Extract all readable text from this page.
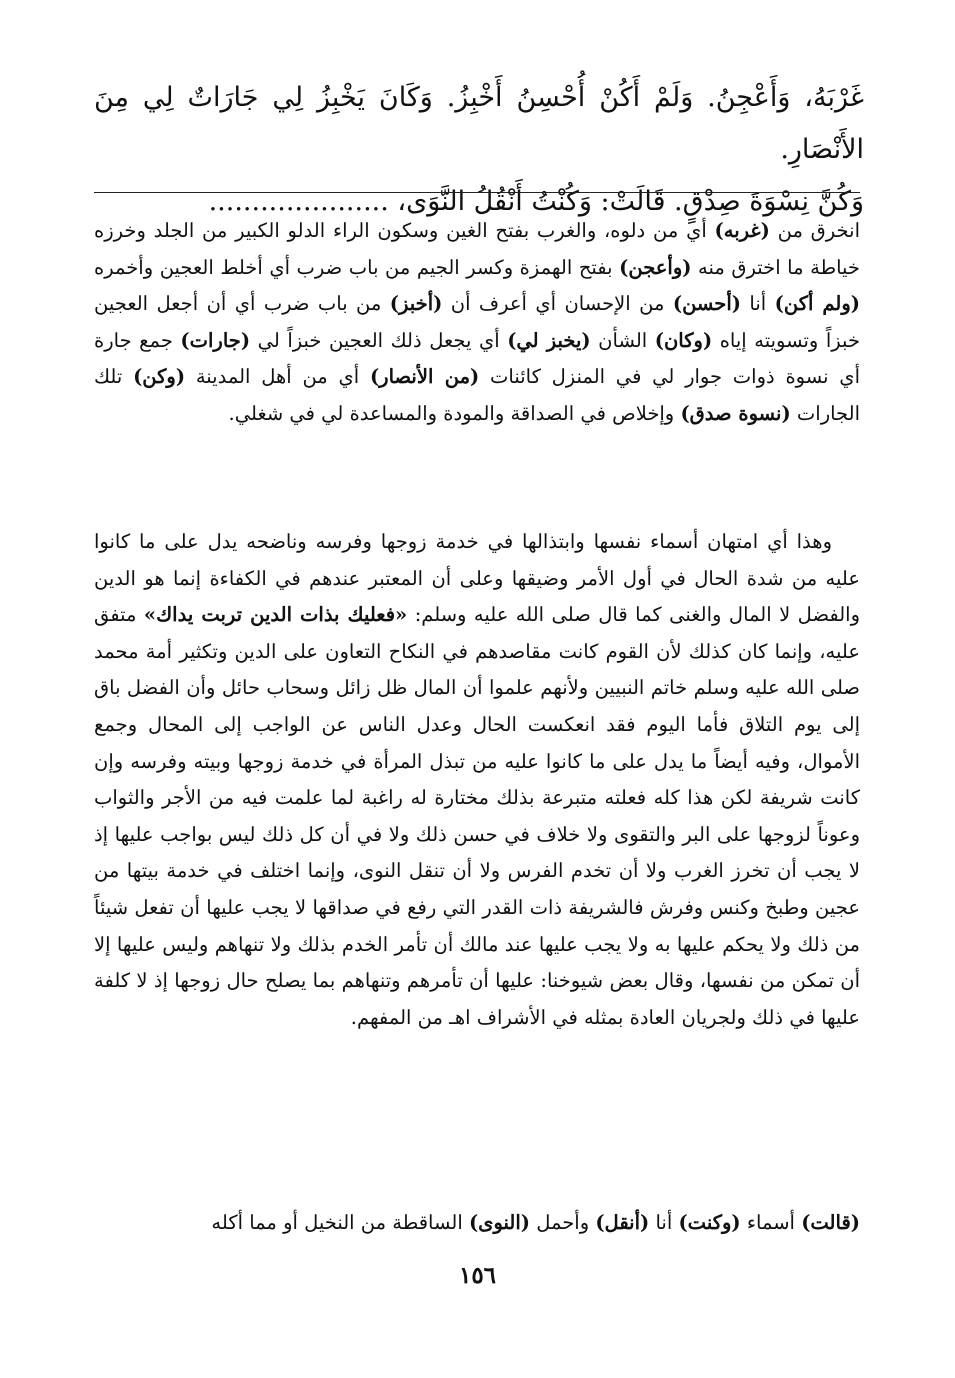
غَرْبَهُ، وَأَعْجِنُ. وَلَمْ أَكُنْ أُحْسِنُ أَخْبِزُ. وَكَانَ يَخْبِزُ لِي جَارَاتٌ لِي مِنَ الأَنْصَارِ.

وَكُنَّ نِسْوَةَ صِدْقٍ. قَالَتْ: وَكُنْتُ أَنْقُلُ النَّوَى، .....................

انخرق من (غربه) أي من دلوه، والغرب بفتح الغين وسكون الراء الدلو الكبير من الجلد وخرزه خياطة ما اخترق منه (وأعجن) بفتح الهمزة وكسر الجيم من باب ضرب أي أخلط العجين وأخمره (ولم أكن) أنا (أحسن) من الإحسان أي أعرف أن (أخبز) من باب ضرب أي أن أجعل العجين خبزاً وتسويته إياه (وكان) الشأن (يخبز لي) أي يجعل ذلك العجين خبزاً لي (جارات) جمع جارة أي نسوة ذوات جوار لي في المنزل كائنات (من الأنصار) أي من أهل المدينة (وكن) تلك الجارات (نسوة صدق) وإخلاص في الصداقة والمودة والمساعدة لي في شغلي.

وهذا أي امتهان أسماء نفسها وابتذالها في خدمة زوجها وفرسه وناضحه يدل على ما كانوا عليه من شدة الحال في أول الأمر وضيقها وعلى أن المعتبر عندهم في الكفاءة إنما هو الدين والفضل لا المال والغنى كما قال صلى الله عليه وسلم: «فعليك بذات الدين تربت يداك» متفق عليه، وإنما كان كذلك لأن القوم كانت مقاصدهم في النكاح التعاون على الدين وتكثير أمة محمد صلى الله عليه وسلم خاتم النبيين ولأنهم علموا أن المال ظل زائل وسحاب حائل وأن الفضل باق إلى يوم التلاق فأما اليوم فقد انعكست الحال وعدل الناس عن الواجب إلى المحال وجمع الأموال، وفيه أيضاً ما يدل على ما كانوا عليه من تبذل المرأة في خدمة زوجها وبيته وفرسه وإن كانت شريفة لكن هذا كله فعلته متبرعة بذلك مختارة له راغبة لما علمت فيه من الأجر والثواب وعوناً لزوجها على البر والتقوى ولا خلاف في حسن ذلك ولا في أن كل ذلك ليس بواجب عليها إذ لا يجب أن تخرز الغرب ولا أن تخدم الفرس ولا أن تنقل النوى، وإنما اختلف في خدمة بيتها من عجين وطبخ وكنس وفرش فالشريفة ذات القدر التي رفع في صداقها لا يجب عليها أن تفعل شيئاً من ذلك ولا يحكم عليها به ولا يجب عليها عند مالك أن تأمر الخدم بذلك ولا تنهاهم وليس عليها إلا أن تمكن من نفسها، وقال بعض شيوخنا: عليها أن تأمرهم وتنهاهم بما يصلح حال زوجها إذ لا كلفة عليها في ذلك ولجريان العادة بمثله في الأشراف اهـ من المفهم.

(قالت) أسماء (وكنت) أنا (أنقل) وأحمل (النوى) الساقطة من النخيل أو مما أكله

١٥٦
